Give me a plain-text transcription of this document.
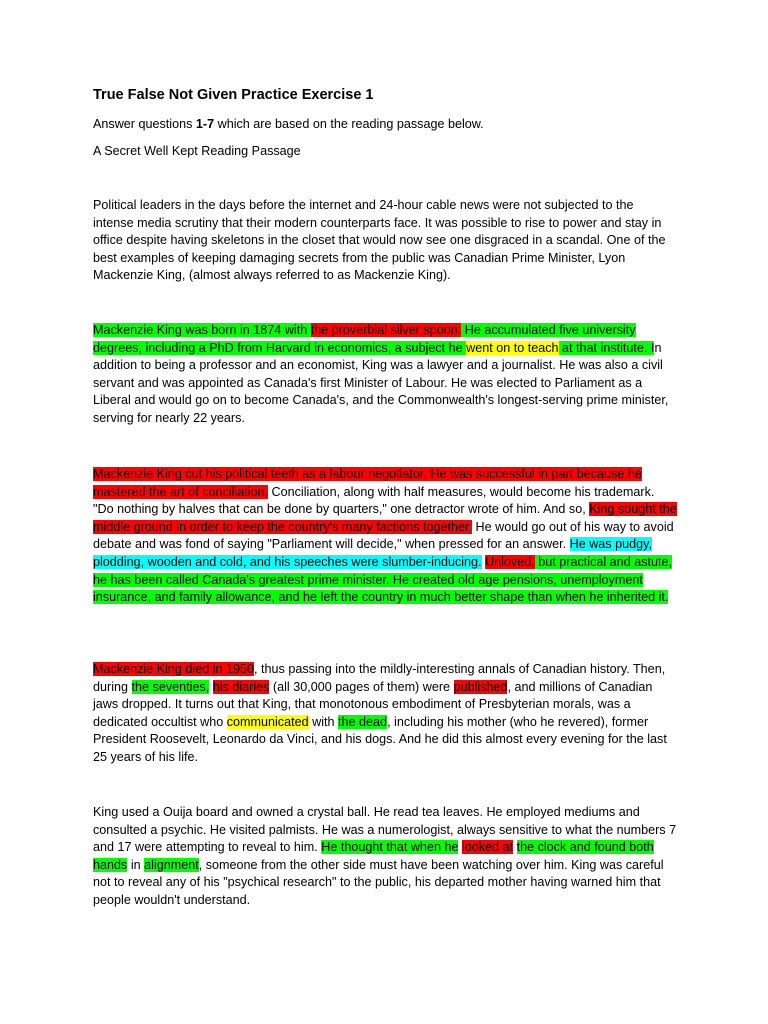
True False Not Given Practice Exercise 1

Answer questions 1-7 which are based on the reading passage below.

A Secret Well Kept Reading Passage

Political leaders in the days before the internet and 24-hour cable news were not subjected to the intense media scrutiny that their modern counterparts face. It was possible to rise to power and stay in office despite having skeletons in the closet that would now see one disgraced in a scandal. One of the best examples of keeping damaging secrets from the public was Canadian Prime Minister, Lyon Mackenzie King, (almost always referred to as Mackenzie King).

Mackenzie King was born in 1874 with the proverbial silver spoon. He accumulated five university degrees, including a PhD from Harvard in economics, a subject he went on to teach at that institute. In addition to being a professor and an economist, King was a lawyer and a journalist. He was also a civil servant and was appointed as Canada's first Minister of Labour. He was elected to Parliament as a Liberal and would go on to become Canada's, and the Commonwealth's longest-serving prime minister, serving for nearly 22 years.

Mackenzie King cut his political teeth as a labour negotiator. He was successful in part because he mastered the art of conciliation. Conciliation, along with half measures, would become his trademark. "Do nothing by halves that can be done by quarters," one detractor wrote of him. And so, King sought the middle ground in order to keep the country's many factions together. He would go out of his way to avoid debate and was fond of saying "Parliament will decide," when pressed for an answer. He was pudgy, plodding, wooden and cold, and his speeches were slumber-inducing. Unloved, but practical and astute, he has been called Canada's greatest prime minister. He created old age pensions, unemployment insurance, and family allowance, and he left the country in much better shape than when he inherited it.

Mackenzie King died in 1950, thus passing into the mildly-interesting annals of Canadian history. Then, during the seventies, his diaries (all 30,000 pages of them) were published, and millions of Canadian jaws dropped. It turns out that King, that monotonous embodiment of Presbyterian morals, was a dedicated occultist who communicated with the dead, including his mother (who he revered), former President Roosevelt, Leonardo da Vinci, and his dogs. And he did this almost every evening for the last 25 years of his life.

King used a Ouija board and owned a crystal ball. He read tea leaves. He employed mediums and consulted a psychic. He visited palmists. He was a numerologist, always sensitive to what the numbers 7 and 17 were attempting to reveal to him. He thought that when he looked at the clock and found both hands in alignment, someone from the other side must have been watching over him. King was careful not to reveal any of his "psychical research" to the public, his departed mother having warned him that people wouldn't understand.
